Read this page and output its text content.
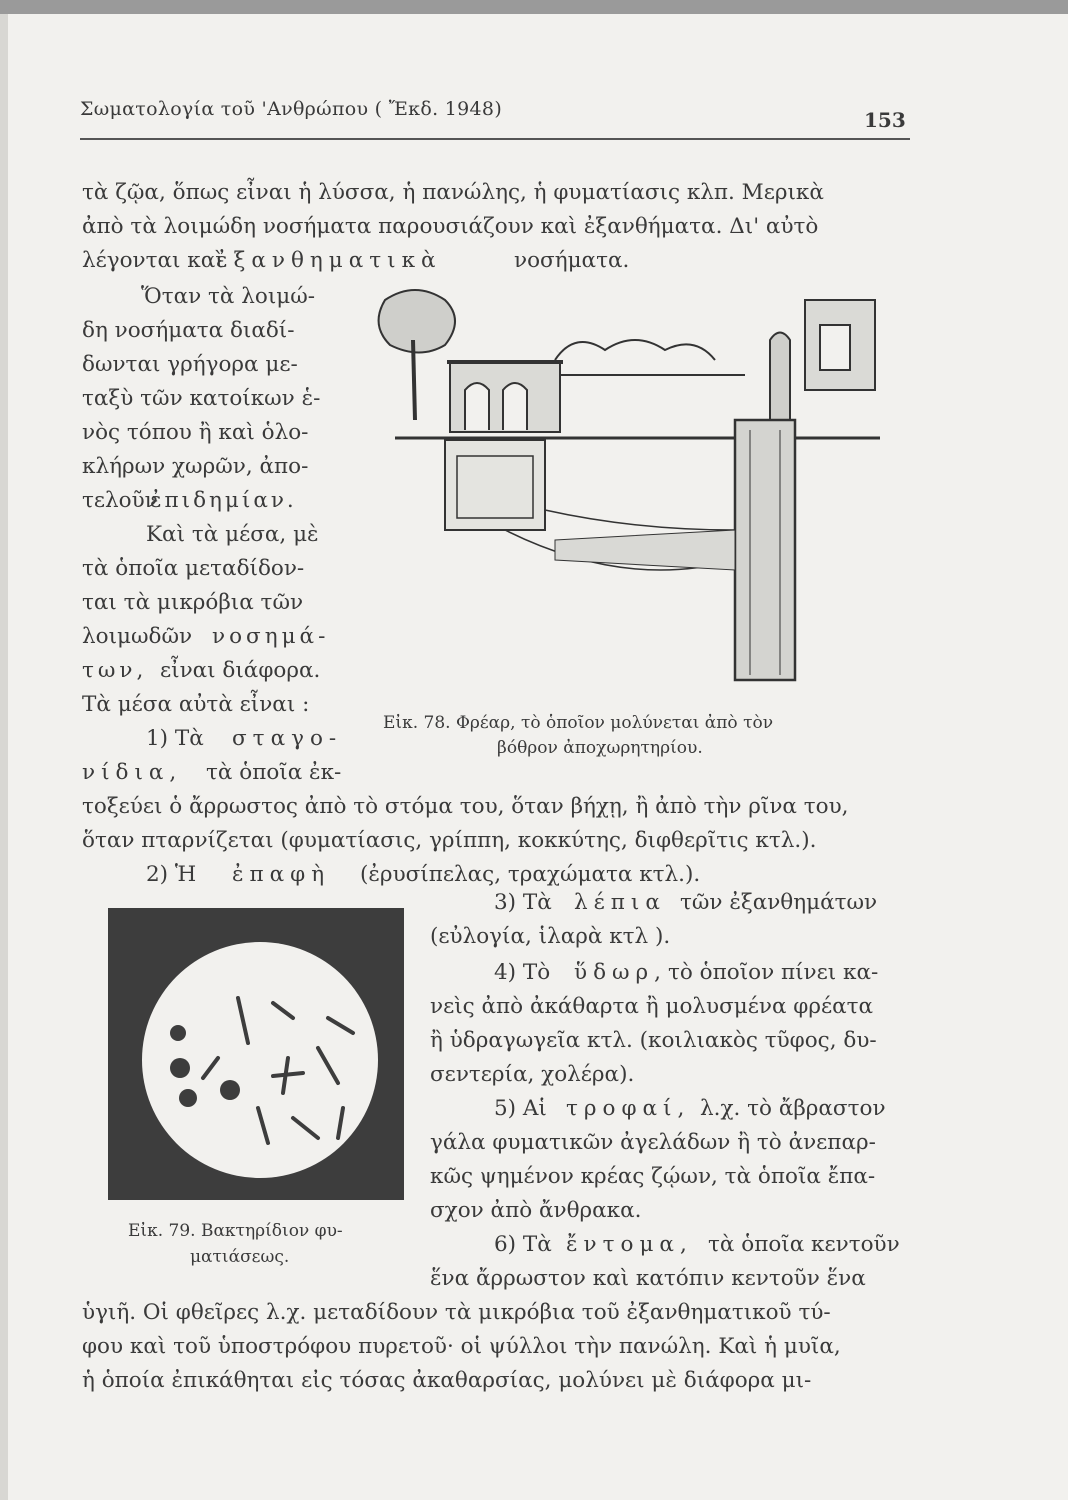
Σωματολογία τοῦ 'Ανθρώπου ( Ἔκδ. 1948)	153
τὰ ζῷα, ὅπως εἶναι ἡ λύσσα, ἡ πανώλης, ἡ φυματίασις κλπ. Μερικὰ
ἀπὸ τὰ λοιμώδη νοσήματα παρουσιάζουν καὶ ἐξανθήματα. Δι' αὐτὸ
λέγονται καὶ
ἐξανθηματικὰ	νοσήματα.
Ὅταν τὰ λοιμώ-
δη νοσήματα διαδί-
δωνται γρήγορα με-
ταξὺ τῶν κατοίκων ἑ-
νὸς τόπου ἢ καὶ ὁλο-
κλήρων χωρῶν, ἀπο-
τελοῦν
ἐπιδημίαν.
Καὶ τὰ μέσα, μὲ
τὰ ὁποῖα μεταδίδον-
ται τὰ μικρόβια τῶν
λοιμωδῶν νοσημά-
των, εἶναι διάφορα.
Τὰ μέσα αὐτὰ εἶναι :
1) Τὰ σταγο-
νίδια, τὰ ὁποῖα ἐκ-
Εἰκ. 78. Φρέαρ, τὸ ὁποῖον μολύνεται ἀπὸ τὸν
βόθρον ἀποχωρητηρίου.
τοξεύει ὁ ἄρρωστος ἀπὸ τὸ στόμα του, ὅταν βήχῃ, ἢ ἀπὸ τὴν ρῖνα του,
ὅταν πταρνίζεται (φυματίασις, γρίππη, κοκκύτης, διφθερῖτις κτλ.).
2) Ἡ ἐπαφὴ (ἐρυσίπελας, τραχώματα κτλ.).
Εἰκ. 79. Βακτηρίδιον φυ-
ματιάσεως.
3) Τὰ λέπια τῶν ἐξανθημάτων
(εὐλογία, ἱλαρὰ κτλ ).
4) Τὸ ὕδωρ, τὸ ὁποῖον πίνει κα-
νεὶς ἀπὸ ἀκάθαρτα ἢ μολυσμένα φρέατα
ἢ ὑδραγωγεῖα κτλ. (κοιλιακὸς τῦφος, δυ-
σεντερία, χολέρα).
5) Αἱ τροφαί, λ.χ. τὸ ἄβραστον
γάλα φυματικῶν ἀγελάδων ἢ τὸ ἀνεπαρ-
κῶς ψημένον κρέας ζῴων, τὰ ὁποῖα ἔπα-
σχον ἀπὸ ἄνθρακα.
6) Τὰ ἔντομα, τὰ ὁποῖα κεντοῦν
ἕνα ἄρρωστον καὶ κατόπιν κεντοῦν ἕνα
ὑγιῆ. Οἱ φθεῖρες λ.χ. μεταδίδουν τὰ μικρόβια τοῦ ἐξανθηματικοῦ τύ-
φου καὶ τοῦ ὑποστρόφου πυρετοῦ· οἱ ψύλλοι τὴν πανώλη. Καὶ ἡ μυῖα,
ἡ ὁποία ἐπικάθηται εἰς τόσας ἀκαθαρσίας, μολύνει μὲ διάφορα μι-
